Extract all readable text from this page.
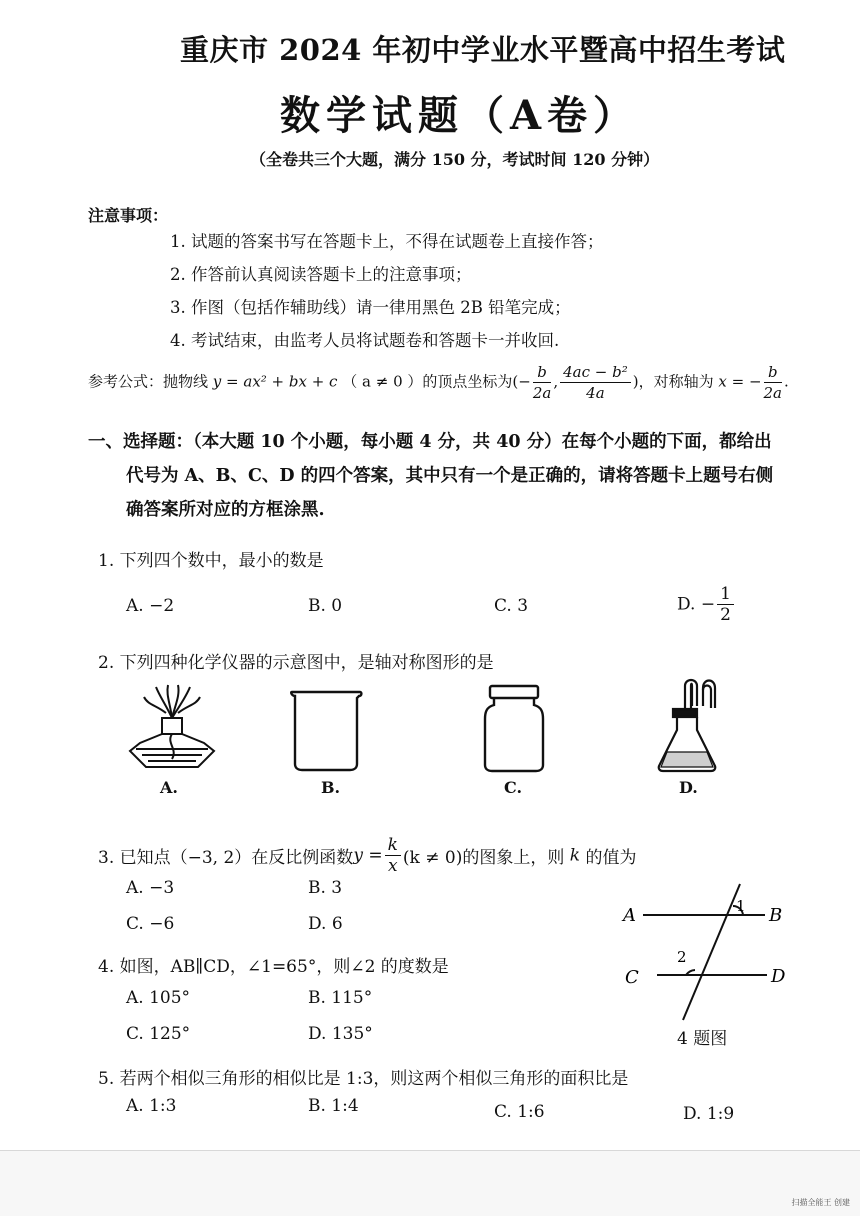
重庆市 2024 年初中学业水平暨高中招生考试
数学试题（A卷）
（全卷共三个大题，满分 150 分，考试时间 120 分钟）
注意事项：
1. 试题的答案书写在答题卡上，不得在试题卷上直接作答；
2. 作答前认真阅读答题卡上的注意事项；
3. 作图（包括作辅助线）请一律用黑色 2B 铅笔完成；
4. 考试结束，由监考人员将试题卷和答题卡一并收回.
参考公式：抛物线 y = ax² + bx + c （ a ≠ 0 ）的顶点坐标为(− $\frac{b}{2a}$ , $\frac{\text{4ac − b²}}{4a}$ )，对称轴为 x = − $\frac{b}{2a}$ .
一、选择题：（本大题 10 个小题，每小题 4 分，共 40 分）在每个小题的下面，都给出
代号为 A、B、C、D 的四个答案，其中只有一个是正确的，请将答题卡上题号右侧
确答案所对应的方框涂黑.
1. 下列四个数中，最小的数是
A. −2	B. 0	C. 3	D. − $\frac{1}{2}$
2. 下列四种化学仪器的示意图中，是轴对称图形的是
A.	B.	C.	D.
3. 已知点（−3, 2）在反比例函数$y = \frac{k}{x} (k \ne 0)$的图象上，则 k 的值为
A. −3	B. 3
C. −6	D. 6
4. 如图，AB∥CD，∠1=65°，则∠2 的度数是
A. 105°	B. 115°
C. 125°	D. 135°
A	B
C	D
1
2
4 题图
5. 若两个相似三角形的相似比是 1:3，则这两个相似三角形的面积比是
A. 1:3	B. 1:4	C. 1:6	D. 1:9
扫描全能王 创建
